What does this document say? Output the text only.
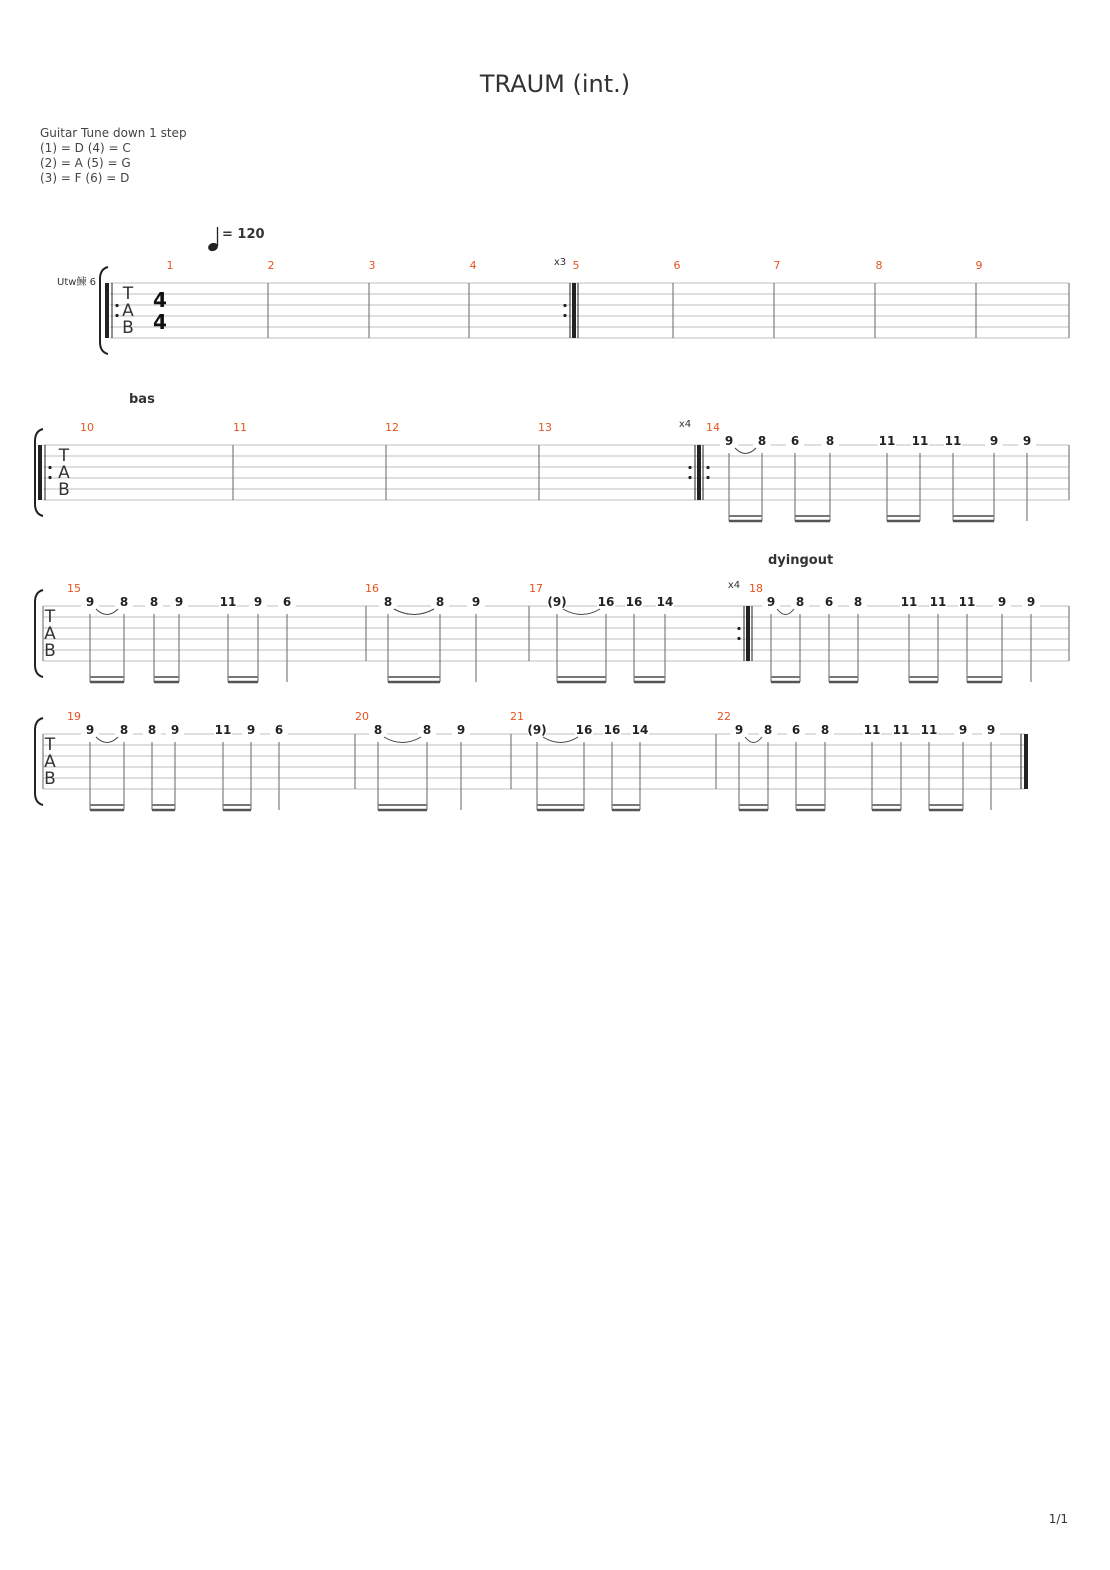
TRAUM (int.)
Guitar Tune down 1 step
(1) = D (4) = C
(2) = A (5) = G
(3) = F (6) = D
= 120
Utw鰊 6
T
A
B
4
4
1	2	3	4	x3 5	6	7	8	9
T
A
B
bas
10	11	12	13	x4 14
9 8 6 8	11 11 11 9 9
T
A
B
dyingout
15
9 8 8 9	11 9 6
16
8	8 9
17	x4
(9)	16 16 14
18
9 8 6 8	11 11 11 9 9
T
A
B
19
9 8 8 9	11 9 6
20
8	8 9
21
(9) 16 16 14
22
9 8 6 8	11 11 11 9 9
1/1
